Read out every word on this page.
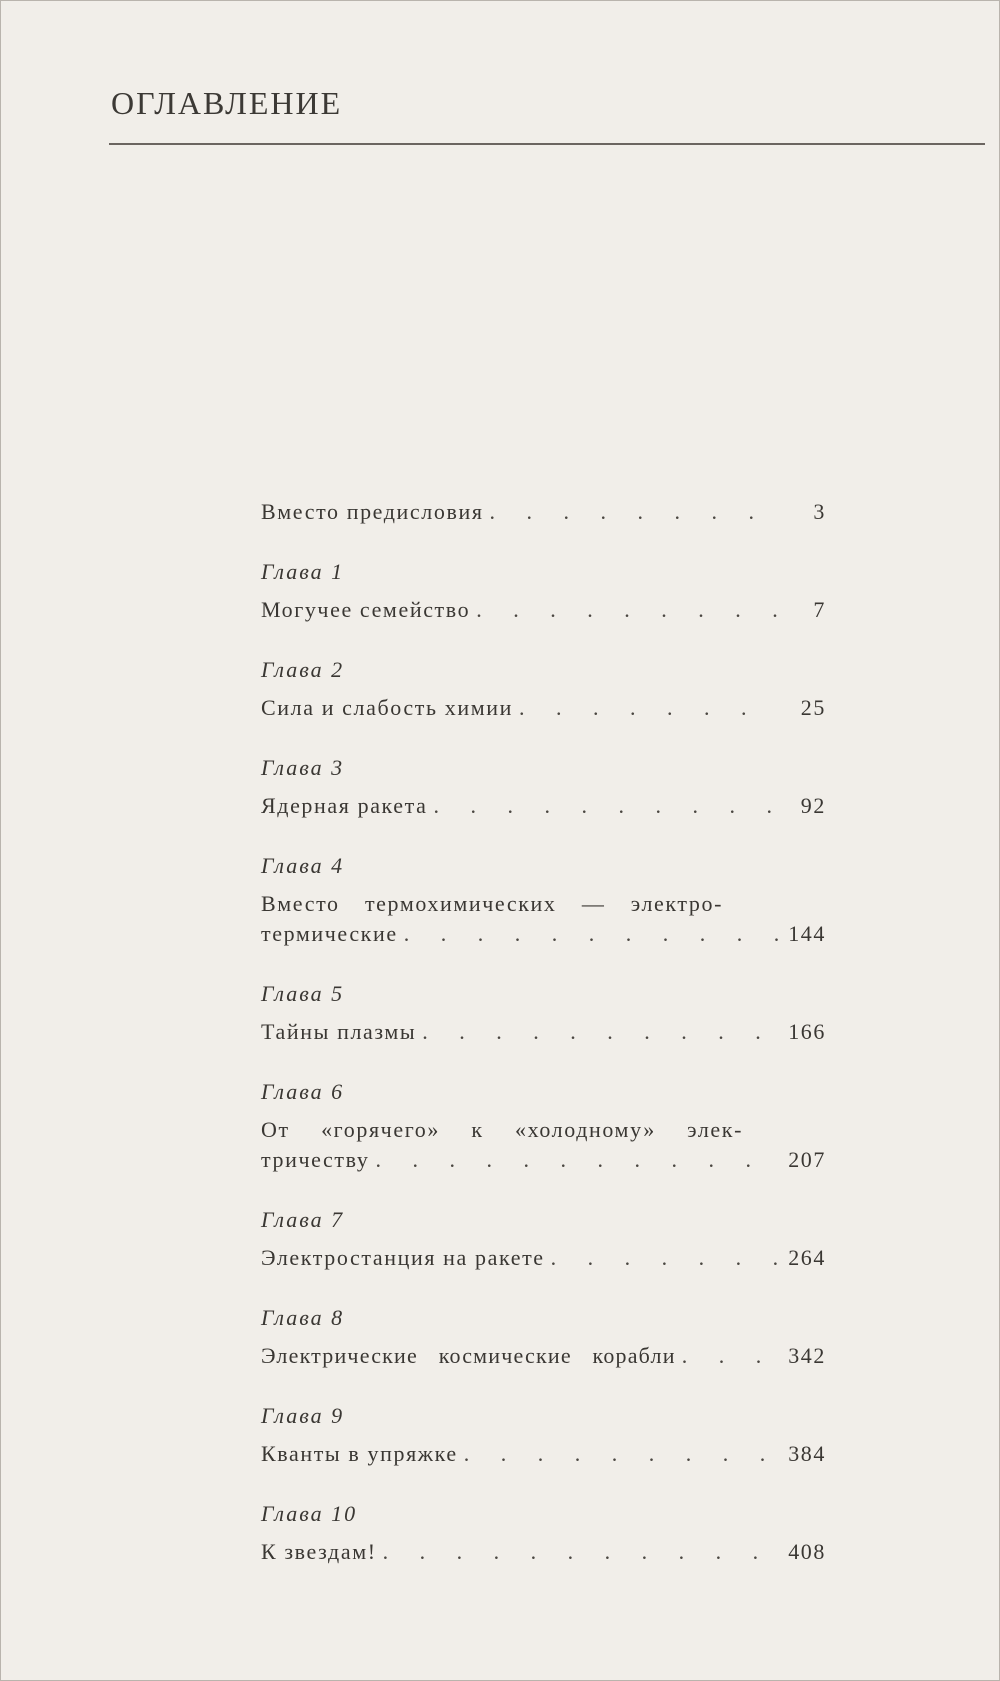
ОГЛАВЛЕНИЕ
Вместо предисловия . . .	3
Глава 1
Могучее семейство . . .	7
Глава 2
Сила и слабость химии . . .	25
Глава 3
Ядерная ракета . . .	92
Глава 4
Вместо термохимических — электро-
термические . . .	144
Глава 5
Тайны плазмы . . .	166
Глава 6
От «горячего» к «холодному» элек-
тричеству . . .	207
Глава 7
Электростанция на ракете . . .	264
Глава 8
Электрические космические корабли . . .	342
Глава 9
Кванты в упряжке . . .	384
Глава 10
К звездам! . . .	408
